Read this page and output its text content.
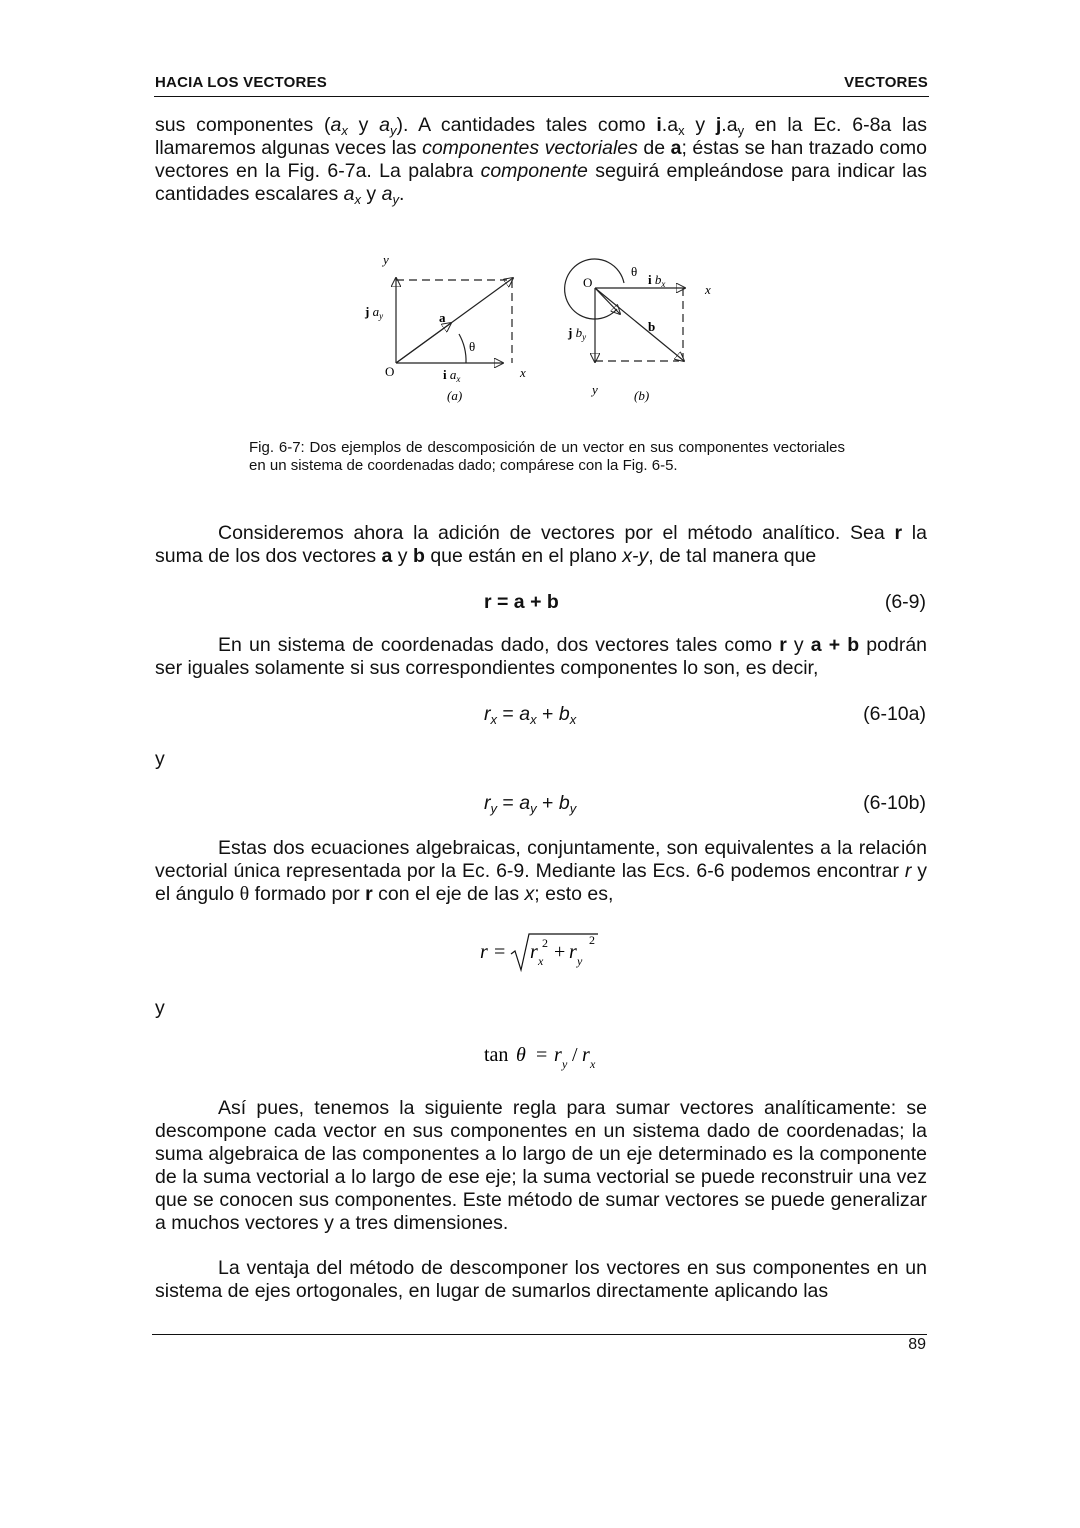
HACIA LOS VECTORES	VECTORES
sus componentes ($a_x$ y $a_y$). A cantidades tales como $i.a_x$ y $j.a_y$ en la Ec. 6-8a las llamaremos algunas veces las componentes vectoriales de a; éstas se han trazado como vectores en la Fig. 6-7a. La palabra componente seguirá empleándose para indicar las cantidades escalares $a_x$ y $a_y$.
y
j $a_y$	a
θ
O	i $a_x$	x
(a)
O
θ
i $b_x$	x
j $b_y$
b
y	(b)
Fig. 6-7: Dos ejemplos de descomposición de un vector en sus componentes vectoriales en un sistema de coordenadas dado; compárese con la Fig. 6-5.
Consideremos ahora la adición de vectores por el método analítico. Sea r la suma de los dos vectores a y b que están en el plano x-y, de tal manera que
r = a + b	(6-9)
En un sistema de coordenadas dado, dos vectores tales como r y a + b podrán ser iguales solamente si sus correspondientes componentes lo son, es decir,
$r_x = a_x + b_x$	(6-10a)
y
$r_y = a_y + b_y$	(6-10b)
Estas dos ecuaciones algebraicas, conjuntamente, son equivalentes a la relación vectorial única representada por la Ec. 6-9. Mediante las Ecs. 6-6 podemos encontrar r y el ángulo θ formado por r con el eje de las x; esto es,
r = r x
2 + r y
2
y
tan θ = r y / r x
Así pues, tenemos la siguiente regla para sumar vectores analíticamente: se descompone cada vector en sus componentes en un sistema dado de coordenadas; la suma algebraica de las componentes a lo largo de un eje determinado es la componente de la suma vectorial a lo largo de ese eje; la suma vectorial se puede reconstruir una vez que se conocen sus componentes. Este método de sumar vectores se puede generalizar a muchos vectores y a tres dimensiones.
La ventaja del método de descomponer los vectores en sus componentes en un sistema de ejes ortogonales, en lugar de sumarlos directamente aplicando las
89
